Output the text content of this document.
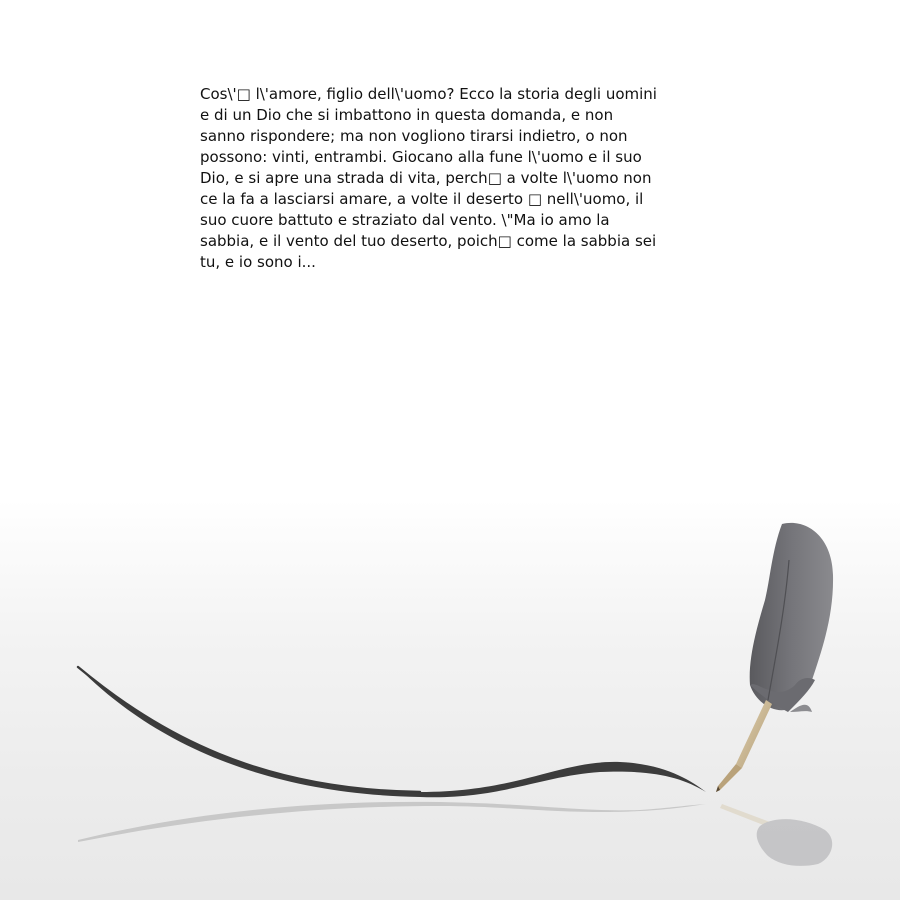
Cos\'□ l\'amore, figlio dell\'uomo? Ecco la storia degli uomini
e di un Dio che si imbattono in questa domanda, e non
sanno rispondere; ma non vogliono tirarsi indietro, o non
possono: vinti, entrambi. Giocano alla fune l\'uomo e il suo
Dio, e si apre una strada di vita, perch□ a volte l\'uomo non
ce la fa a lasciarsi amare, a volte il deserto □ nell\'uomo, il
suo cuore battuto e straziato dal vento. \"Ma io amo la
sabbia, e il vento del tuo deserto, poich□ come la sabbia sei
tu, e io sono i...
